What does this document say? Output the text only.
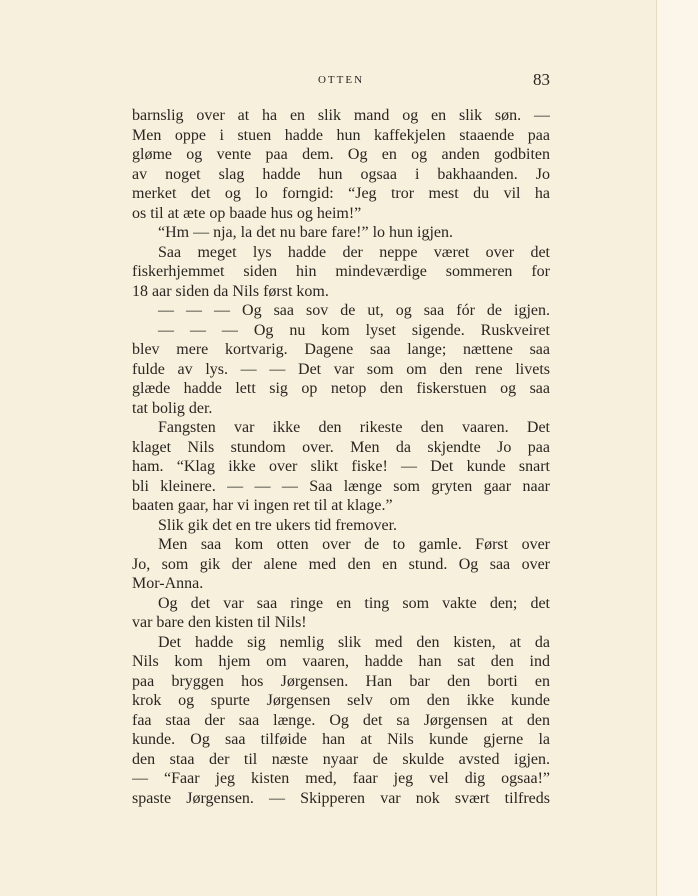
OTTEN	83
barnslig over at ha en slik mand og en slik søn. —
Men oppe i stuen hadde hun kaffekjelen staaende paa
gløme og vente paa dem. Og en og anden godbiten
av noget slag hadde hun ogsaa i bakhaanden. Jo
merket det og lo forngid: “Jeg tror mest du vil ha
os til at æte op baade hus og heim!”
“Hm — nja, la det nu bare fare!” lo hun igjen.
Saa meget lys hadde der neppe været over det
fiskerhjemmet siden hin mindeværdige sommeren for
18 aar siden da Nils først kom.
— — — Og saa sov de ut, og saa fór de igjen.
— — — Og nu kom lyset sigende. Ruskveiret
blev mere kortvarig. Dagene saa lange; nættene saa
fulde av lys. — — Det var som om den rene livets
glæde hadde lett sig op netop den fiskerstuen og saa
tat bolig der.
Fangsten var ikke den rikeste den vaaren. Det
klaget Nils stundom over. Men da skjendte Jo paa
ham. “Klag ikke over slikt fiske! — Det kunde snart
bli kleinere. — — — Saa længe som gryten gaar naar
baaten gaar, har vi ingen ret til at klage.”
Slik gik det en tre ukers tid fremover.
Men saa kom otten over de to gamle. Først over
Jo, som gik der alene med den en stund. Og saa over
Mor-Anna.
Og det var saa ringe en ting som vakte den; det
var bare den kisten til Nils!
Det hadde sig nemlig slik med den kisten, at da
Nils kom hjem om vaaren, hadde han sat den ind
paa bryggen hos Jørgensen. Han bar den borti en
krok og spurte Jørgensen selv om den ikke kunde
faa staa der saa længe. Og det sa Jørgensen at den
kunde. Og saa tilføide han at Nils kunde gjerne la
den staa der til næste nyaar de skulde avsted igjen.
— “Faar jeg kisten med, faar jeg vel dig ogsaa!”
spaste Jørgensen. — Skipperen var nok svært tilfreds
